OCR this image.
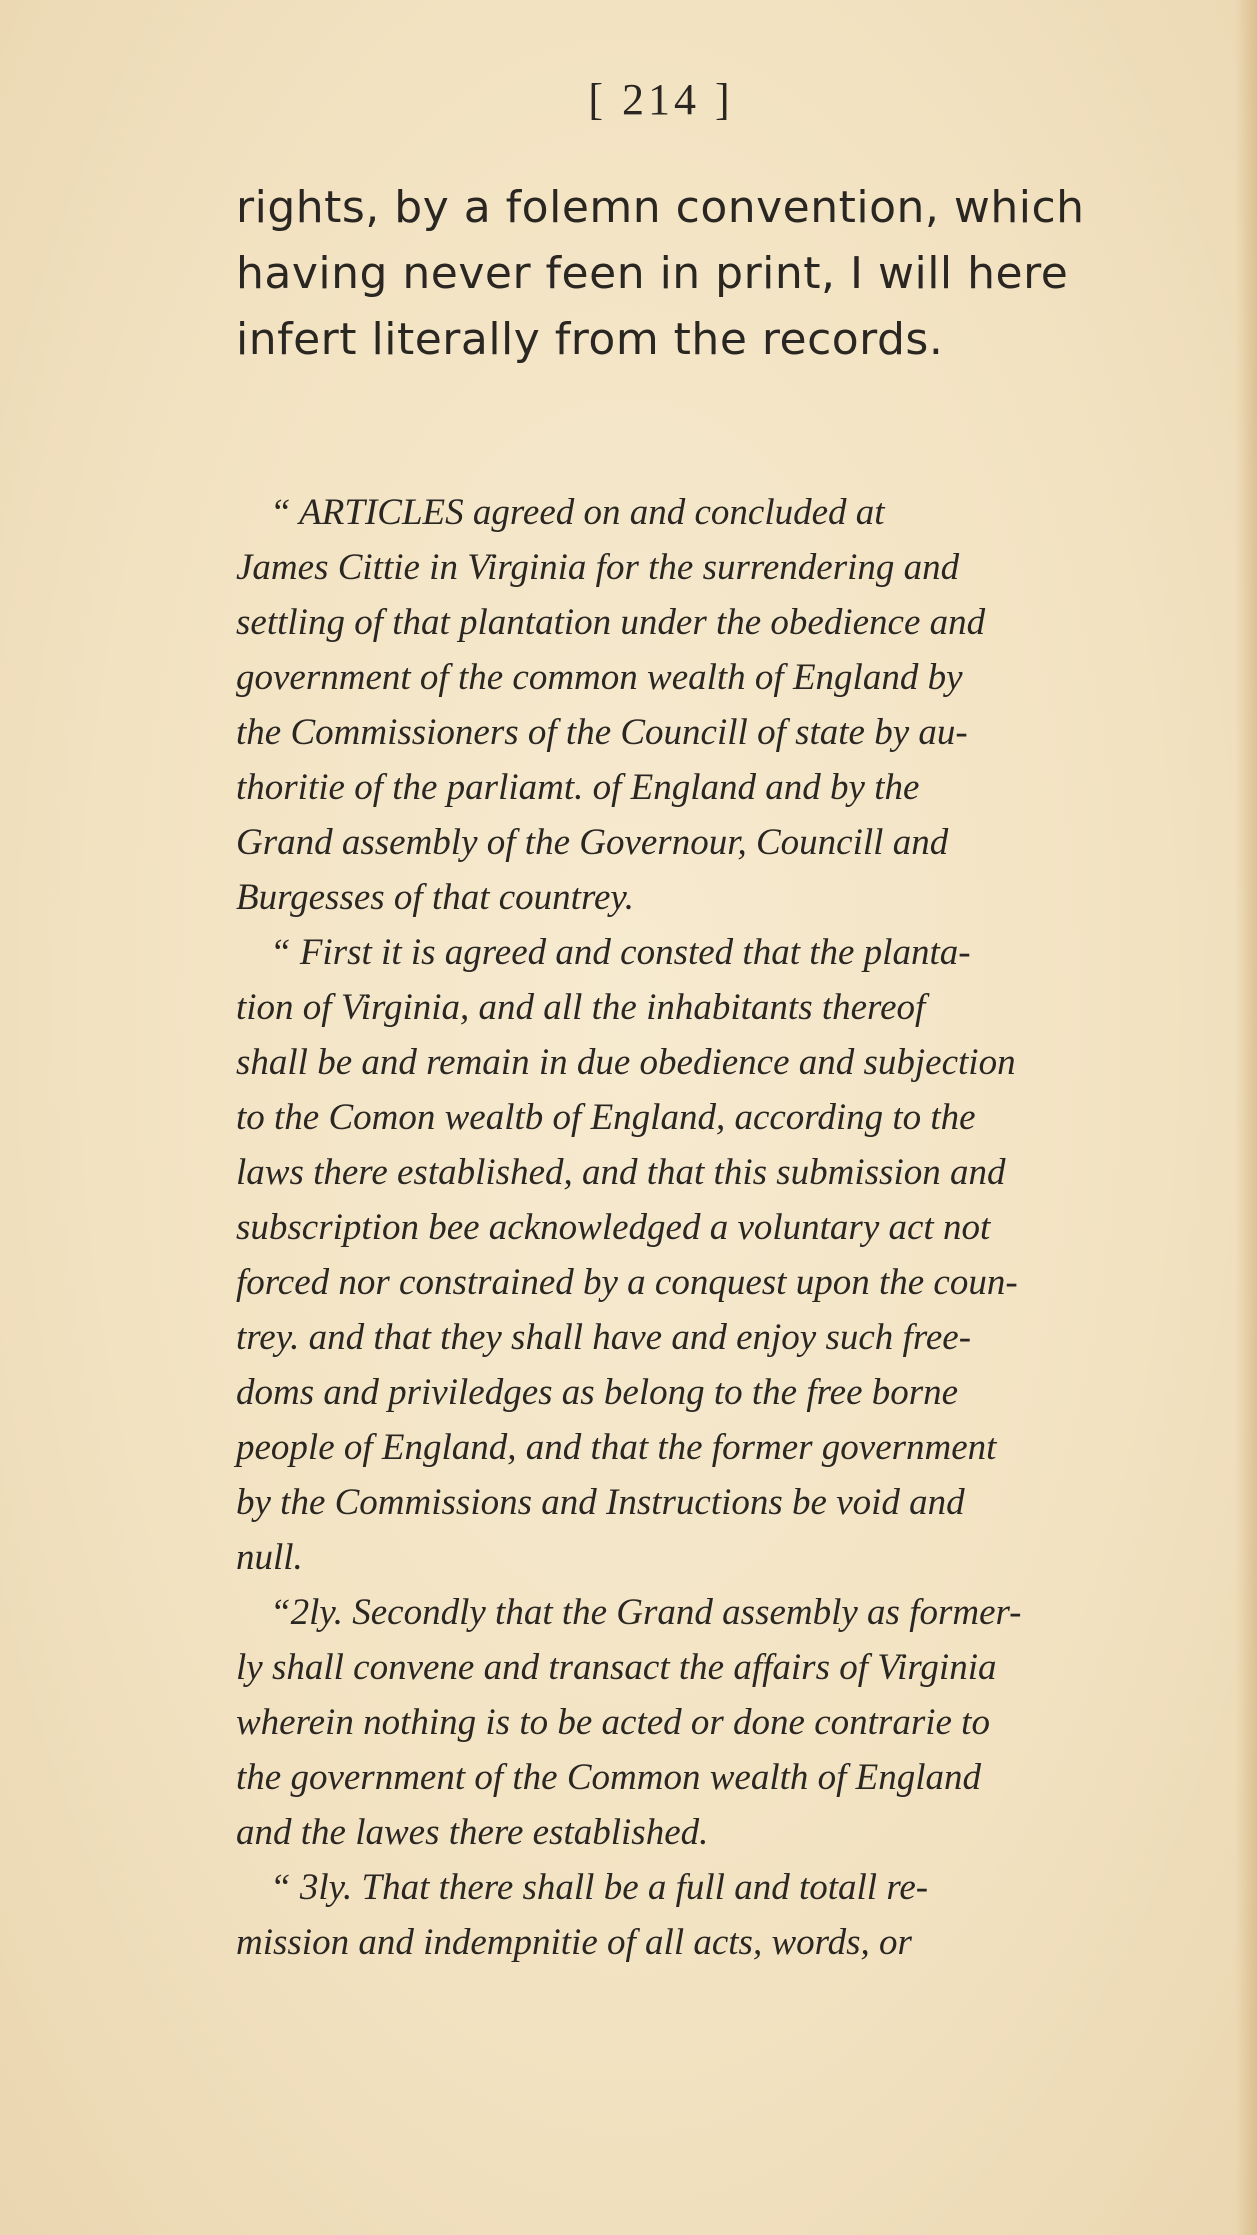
[ 214 ]
rights, by a folemn convention, which
having never feen in print, I will here
infert literally from the records.
“ ARTICLES agreed on and concluded at
James Cittie in Virginia for the surrendering and
settling of that plantation under the obedience and
government of the common wealth of England by
the Commissioners of the Councill of state by au-
thoritie of the parliamt. of England and by the
Grand assembly of the Governour, Councill and
Burgesses of that countrey.
“ First it is agreed and consted that the planta-
tion of Virginia, and all the inhabitants thereof
shall be and remain in due obedience and subjection
to the Comon wealtb of England, according to the
laws there established, and that this submission and
subscription bee acknowledged a voluntary act not
forced nor constrained by a conquest upon the coun-
trey. and that they shall have and enjoy such free-
doms and priviledges as belong to the free borne
people of England, and that the former government
by the Commissions and Instructions be void and
null.
“2ly. Secondly that the Grand assembly as former-
ly shall convene and transact the affairs of Virginia
wherein nothing is to be acted or done contrarie to
the government of the Common wealth of England
and the lawes there established.
“ 3ly. That there shall be a full and totall re-
mission and indempnitie of all acts, words, or
